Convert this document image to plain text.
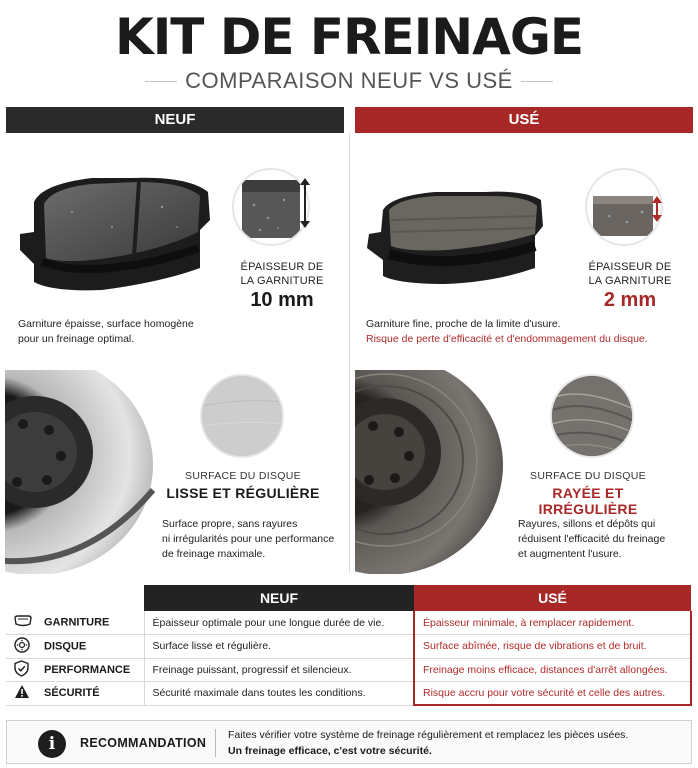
KIT DE FREINAGE
COMPARAISON NEUF VS USÉ
NEUF	USÉ
ÉPAISSEUR DE
LA GARNITURE
10 mm
Garniture épaisse, surface homogène
pour un freinage optimal.
ÉPAISSEUR DE
LA GARNITURE
2 mm
Garniture fine, proche de la limite d'usure.
Risque de perte d'efficacité et d'endommagement du disque.
SURFACE DU DISQUE
LISSE ET RÉGULIÈRE
Surface propre, sans rayures
ni irrégularités pour une performance
de freinage maximale.
SURFACE DU DISQUE
RAYÉE ET IRRÉGULIÈRE
Rayures, sillons et dépôts qui
réduisent l'efficacité du freinage
et augmentent l'usure.
	NEUF	USÉ
GARNITURE	Épaisseur optimale pour une longue durée de vie.	Épaisseur minimale, à remplacer rapidement.
DISQUE	Surface lisse et régulière.	Surface abîmée, risque de vibrations et de bruit.
PERFORMANCE	Freinage puissant, progressif et silencieux.	Freinage moins efficace, distances d'arrêt allongées.
SÉCURITÉ	Sécurité maximale dans toutes les conditions.	Risque accru pour votre sécurité et celle des autres.
i	RECOMMANDATION
Faites vérifier votre système de freinage régulièrement et remplacez les pièces usées.
Un freinage efficace, c'est votre sécurité.
